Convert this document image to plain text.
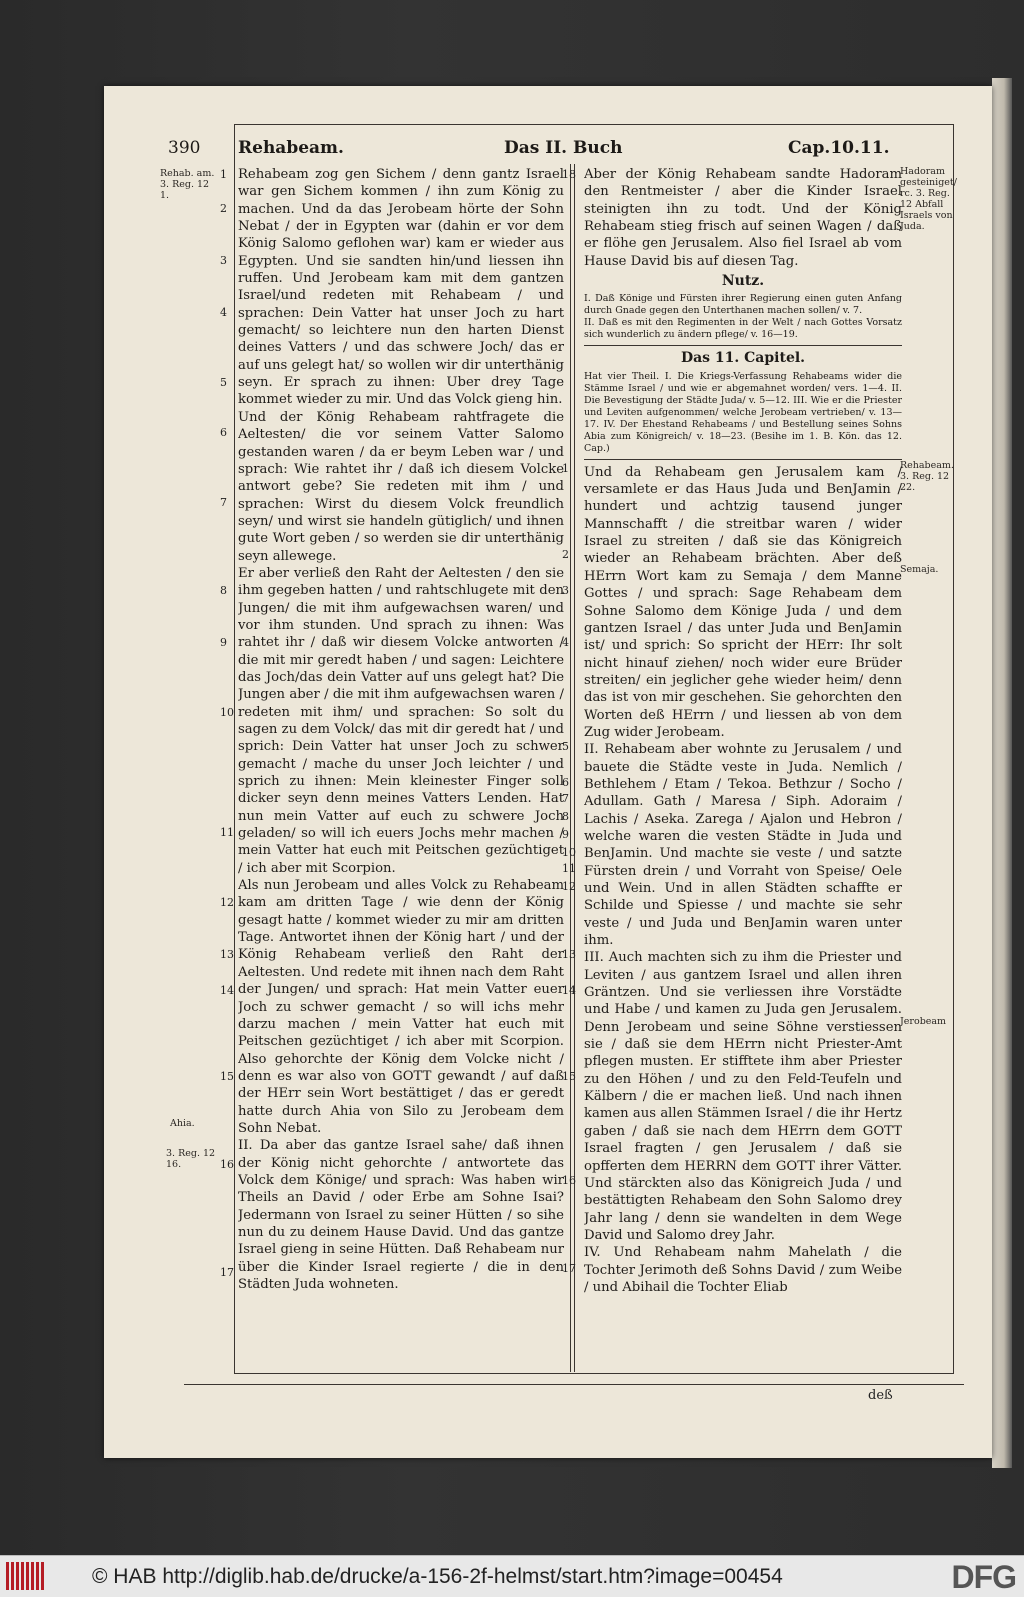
390 Rehabeam.	Das II. Buch	Cap.10.11.
Rehab. am. 3. Reg. 12 1.
Ahia.
3. Reg. 12 16.
Hadoram gesteiniget/ rc. 3. Reg. 12 Abfall Israels von Juda.
Rehabeam. 3. Reg. 12 22.
Semaja.
Jerobeam
1
2
3
4
5
6
7
8
9
10
11
12
13
14
15
16
17
18
1
2
3
4
5
6
7
8
9
10
11
12
13
14
15
16
17

Rehabeam zog gen Sichem / denn gantz Israel war gen Sichem kommen / ihn zum König zu machen. Und da das Jerobeam hörte der Sohn Nebat / der in Egypten war (dahin er vor dem König Salomo geflohen war) kam er wieder aus Egypten. Und sie sandten hin/und liessen ihn ruffen. Und Jerobeam kam mit dem gantzen Israel/und redeten mit Rehabeam / und sprachen: Dein Vatter hat unser Joch zu hart gemacht/ so leichtere nun den harten Dienst deines Vatters / und das schwere Joch/ das er auf uns gelegt hat/ so wollen wir dir unterthänig seyn. Er sprach zu ihnen: Uber drey Tage kommet wieder zu mir. Und das Volck gieng hin.

Und der König Rehabeam rahtfragete die Aeltesten/ die vor seinem Vatter Salomo gestanden waren / da er beym Leben war / und sprach: Wie rahtet ihr / daß ich diesem Volcke antwort gebe? Sie redeten mit ihm / und sprachen: Wirst du diesem Volck freundlich seyn/ und wirst sie handeln gütiglich/ und ihnen gute Wort geben / so werden sie dir unterthänig seyn allewege.

Er aber verließ den Raht der Aeltesten / den sie ihm gegeben hatten / und rahtschlugete mit den Jungen/ die mit ihm aufgewachsen waren/ und vor ihm stunden. Und sprach zu ihnen: Was rahtet ihr / daß wir diesem Volcke antworten / die mit mir geredt haben / und sagen: Leichtere das Joch/das dein Vatter auf uns gelegt hat? Die Jungen aber / die mit ihm aufgewachsen waren / redeten mit ihm/ und sprachen: So solt du sagen zu dem Volck/ das mit dir geredt hat / und sprich: Dein Vatter hat unser Joch zu schwer gemacht / mache du unser Joch leichter / und sprich zu ihnen: Mein kleinester Finger soll dicker seyn denn meines Vatters Lenden. Hat nun mein Vatter auf euch zu schwere Joch geladen/ so will ich euers Jochs mehr machen / mein Vatter hat euch mit Peitschen gezüchtiget / ich aber mit Scorpion.

Als nun Jerobeam und alles Volck zu Rehabeam kam am dritten Tage / wie denn der König gesagt hatte / kommet wieder zu mir am dritten Tage. Antwortet ihnen der König hart / und der König Rehabeam verließ den Raht der Aeltesten. Und redete mit ihnen nach dem Raht der Jungen/ und sprach: Hat mein Vatter euer Joch zu schwer gemacht / so will ichs mehr darzu machen / mein Vatter hat euch mit Peitschen gezüchtiget / ich aber mit Scorpion. Also gehorchte der König dem Volcke nicht / denn es war also von GOTT gewandt / auf daß der HErr sein Wort bestättiget / das er geredt hatte durch Ahia von Silo zu Jerobeam dem Sohn Nebat.

II. Da aber das gantze Israel sahe/ daß ihnen der König nicht gehorchte / antwortete das Volck dem Könige/ und sprach: Was haben wir Theils an David / oder Erbe am Sohne Isai? Jedermann von Israel zu seiner Hütten / so sihe nun du zu deinem Hause David. Und das gantze Israel gieng in seine Hütten. Daß Rehabeam nur über die Kinder Israel regierte / die in den Städten Juda wohneten.

Aber der König Rehabeam sandte Hadoram den Rentmeister / aber die Kinder Israel steinigten ihn zu todt. Und der König Rehabeam stieg frisch auf seinen Wagen / daß er flöhe gen Jerusalem. Also fiel Israel ab vom Hause David bis auf diesen Tag.

Nutz.

I. Daß Könige und Fürsten ihrer Regierung einen guten Anfang durch Gnade gegen den Unterthanen machen sollen/ v. 7.

II. Daß es mit den Regimenten in der Welt / nach Gottes Vorsatz sich wunderlich zu ändern pflege/ v. 16—19.

Das 11. Capitel.

Hat vier Theil. I. Die Kriegs-Verfassung Rehabeams wider die Stämme Israel / und wie er abgemahnet worden/ vers. 1—4. II. Die Bevestigung der Städte Juda/ v. 5—12. III. Wie er die Priester und Leviten aufgenommen/ welche Jerobeam vertrieben/ v. 13—17. IV. Der Ehestand Rehabeams / und Bestellung seines Sohns Abia zum Königreich/ v. 18—23. (Besihe im 1. B. Kön. das 12. Cap.)

Und da Rehabeam gen Jerusalem kam / versamlete er das Haus Juda und BenJamin / hundert und achtzig tausend junger Mannschafft / die streitbar waren / wider Israel zu streiten / daß sie das Königreich wieder an Rehabeam brächten. Aber deß HErrn Wort kam zu Semaja / dem Manne Gottes / und sprach: Sage Rehabeam dem Sohne Salomo dem Könige Juda / und dem gantzen Israel / das unter Juda und BenJamin ist/ und sprich: So spricht der HErr: Ihr solt nicht hinauf ziehen/ noch wider eure Brüder streiten/ ein jeglicher gehe wieder heim/ denn das ist von mir geschehen. Sie gehorchten den Worten deß HErrn / und liessen ab von dem Zug wider Jerobeam.

II. Rehabeam aber wohnte zu Jerusalem / und bauete die Städte veste in Juda. Nemlich / Bethlehem / Etam / Tekoa. Bethzur / Socho / Adullam. Gath / Maresa / Siph. Adoraim / Lachis / Aseka. Zarega / Ajalon und Hebron / welche waren die vesten Städte in Juda und BenJamin. Und machte sie veste / und satzte Fürsten drein / und Vorraht von Speise/ Oele und Wein. Und in allen Städten schaffte er Schilde und Spiesse / und machte sie sehr veste / und Juda und BenJamin waren unter ihm.

III. Auch machten sich zu ihm die Priester und Leviten / aus gantzem Israel und allen ihren Gräntzen. Und sie verliessen ihre Vorstädte und Habe / und kamen zu Juda gen Jerusalem. Denn Jerobeam und seine Söhne verstiessen sie / daß sie dem HErrn nicht Priester-Amt pflegen musten. Er stifftete ihm aber Priester zu den Höhen / und zu den Feld-Teufeln und Kälbern / die er machen ließ. Und nach ihnen kamen aus allen Stämmen Israel / die ihr Hertz gaben / daß sie nach dem HErrn dem GOTT Israel fragten / gen Jerusalem / daß sie opfferten dem HERRN dem GOTT ihrer Vätter. Und stärckten also das Königreich Juda / und bestättigten Rehabeam den Sohn Salomo drey Jahr lang / denn sie wandelten in dem Wege David und Salomo drey Jahr.

IV. Und Rehabeam nahm Mahelath / die Tochter Jerimoth deß Sohns David / zum Weibe / und Abihail die Tochter Eliab

deß
© HAB http://diglib.hab.de/drucke/a-156-2f-helmst/start.htm?image=00454	DFG
